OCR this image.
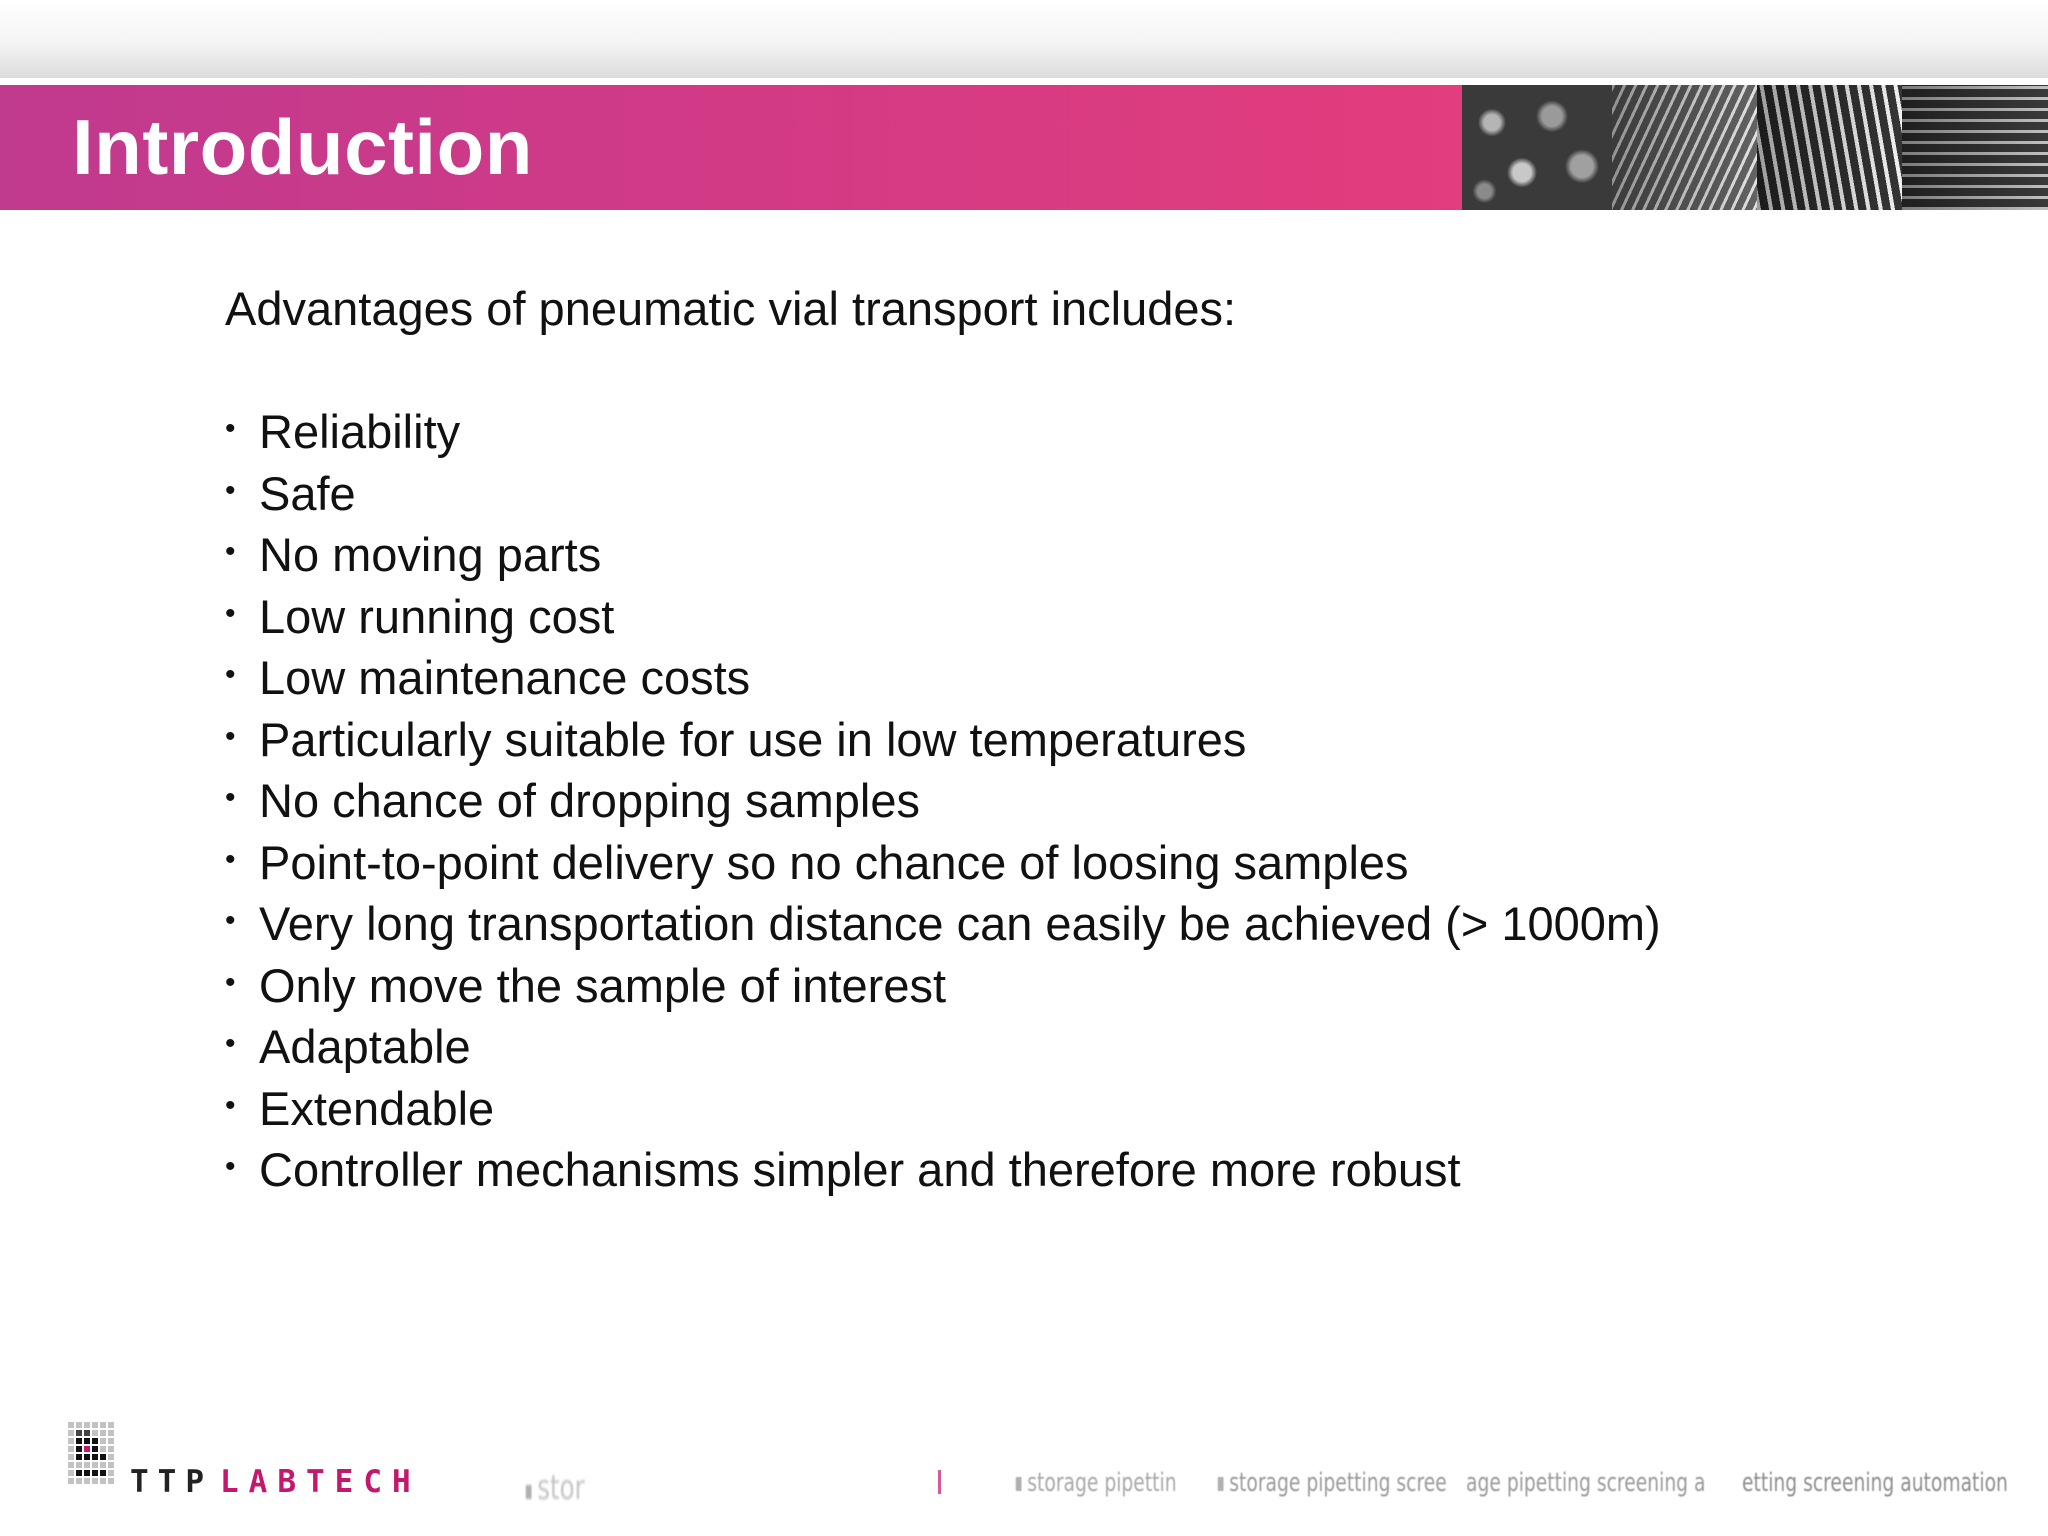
Introduction

Advantages of pneumatic vial transport includes:

• Reliability
• Safe
• No moving parts
• Low running cost
• Low maintenance costs
• Particularly suitable for use in low temperatures
• No chance of dropping samples
• Point-to-point delivery so no chance of loosing samples
• Very long transportation distance can easily be achieved (> 1000m)
• Only move the sample of interest
• Adaptable
• Extendable
• Controller mechanisms simpler and therefore more robust
TTP LABTECH	stor	storage pipettin	storage pipetting scree age pipetting screening a etting screening automation
